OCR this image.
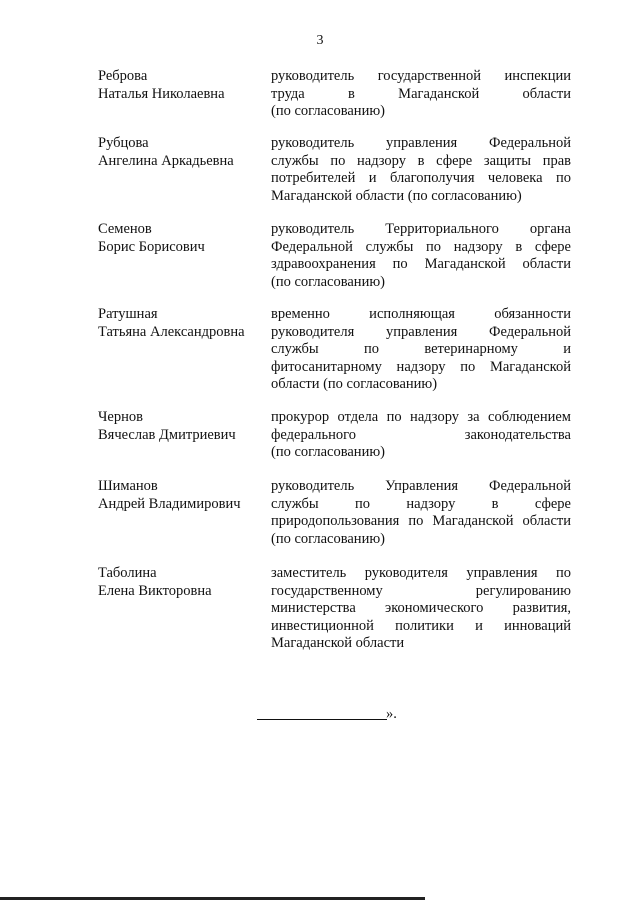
3
Реброва
Наталья Николаевна
руководитель государственной инспекции
труда в Магаданской области
(по согласованию)
Рубцова
Ангелина Аркадьевна
руководитель управления Федеральной
службы по надзору в сфере защиты прав
потребителей и благополучия человека по
Магаданской области (по согласованию)
Семенов
Борис Борисович
руководитель Территориального органа
Федеральной службы по надзору в сфере
здравоохранения по Магаданской области
(по согласованию)
Ратушная
Татьяна Александровна
временно исполняющая обязанности
руководителя управления Федеральной
службы по ветеринарному и
фитосанитарному надзору по Магаданской
области (по согласованию)
Чернов
Вячеслав Дмитриевич
прокурор отдела по надзору за соблюдением
федерального законодательства
(по согласованию)
Шиманов
Андрей Владимирович
руководитель Управления Федеральной
службы по надзору в сфере
природопользования по Магаданской области
(по согласованию)
Таболина
Елена Викторовна
заместитель руководителя управления по
государственному регулированию
министерства экономического развития,
инвестиционной политики и инноваций
Магаданской области
».
